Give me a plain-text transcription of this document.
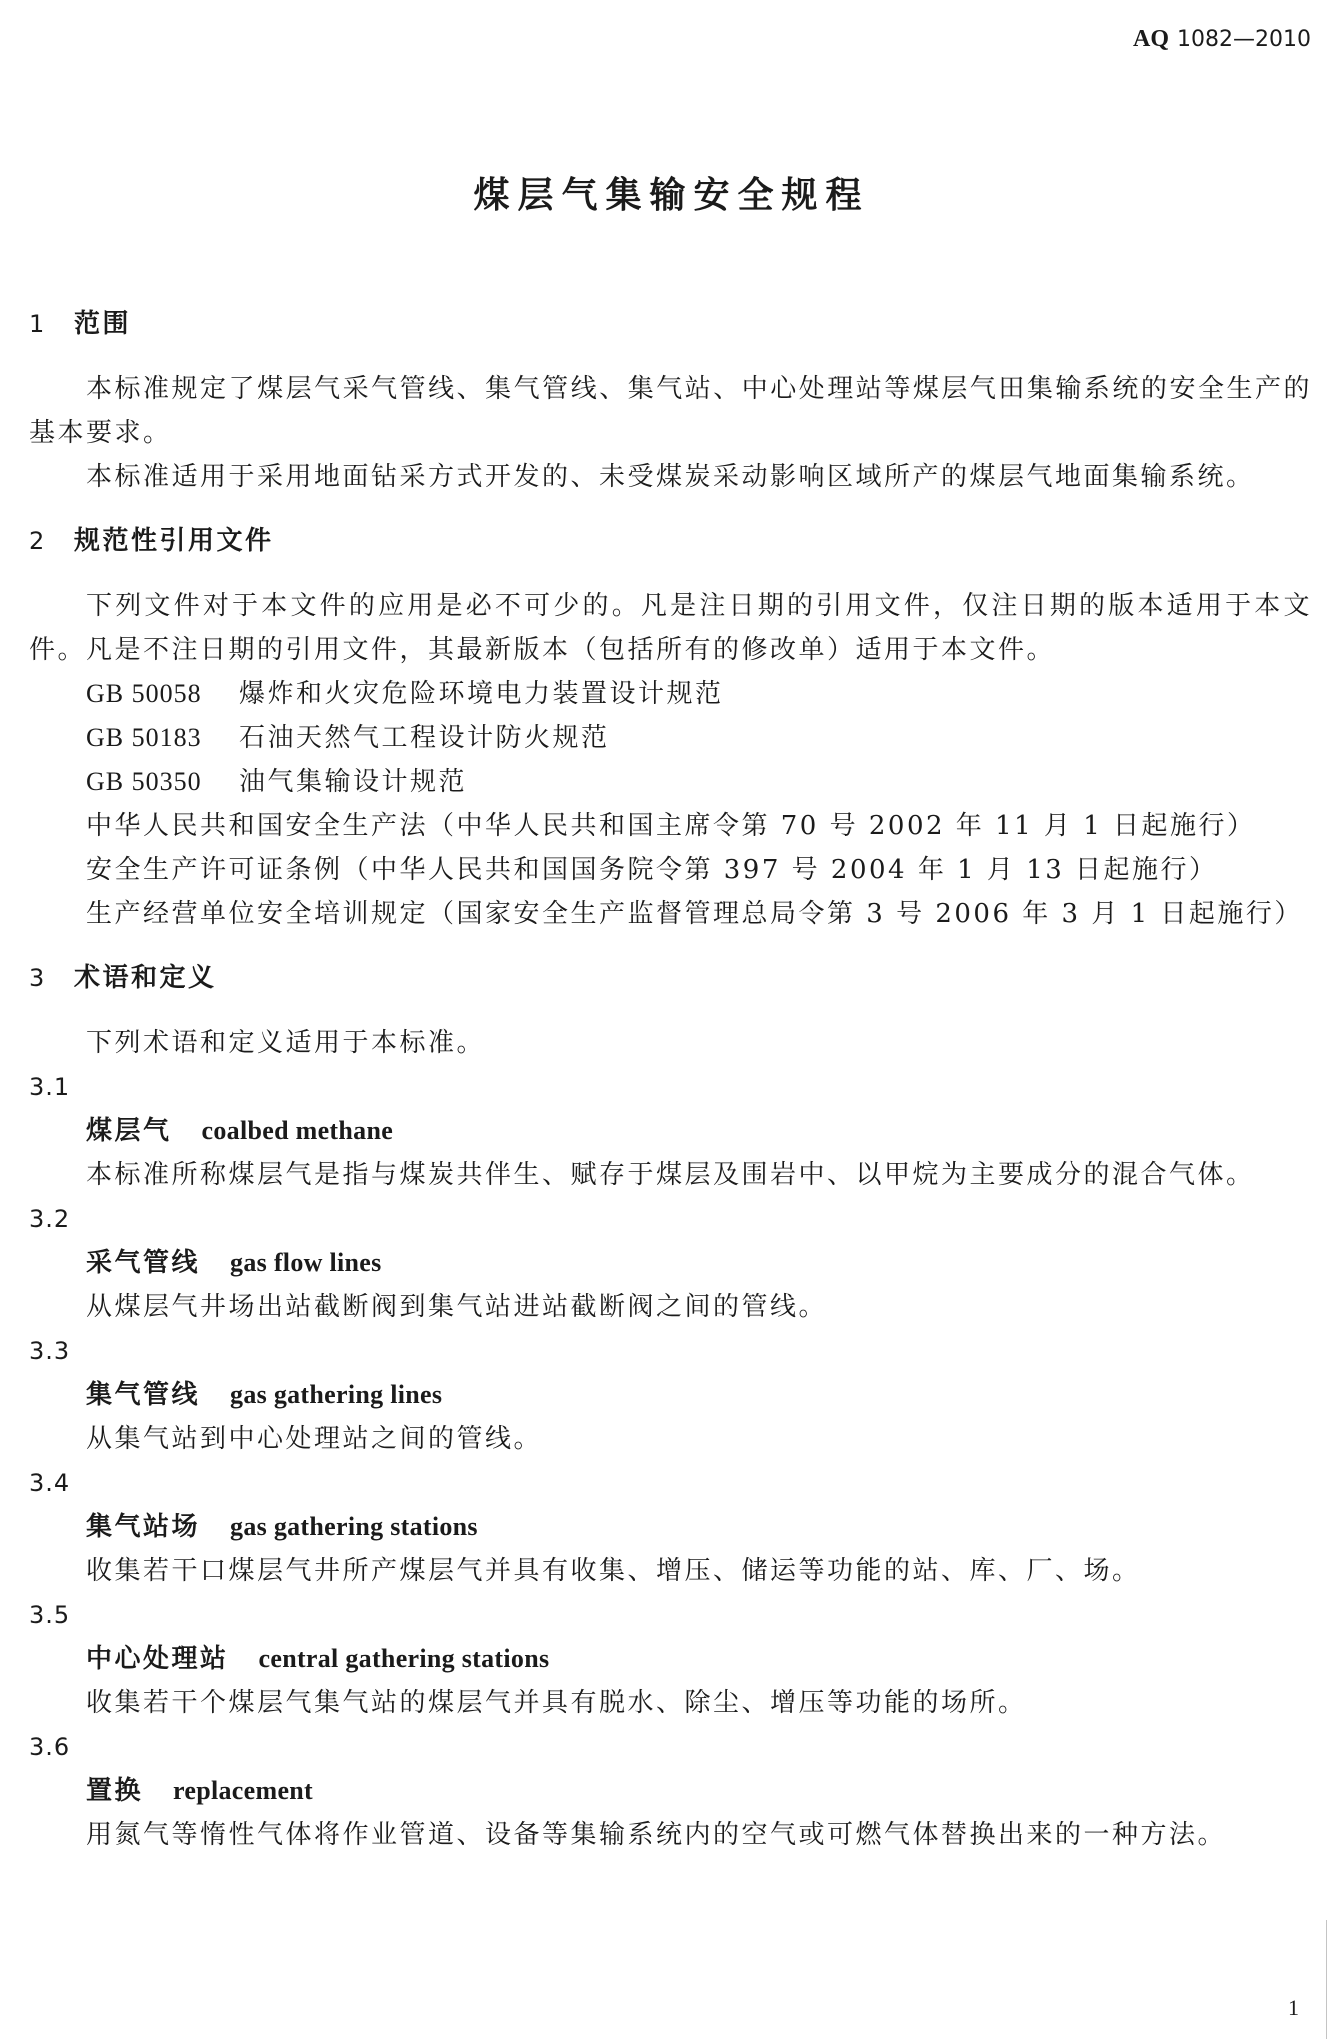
AQ 1082—2010
煤层气集输安全规程
1 范围
本标准规定了煤层气采气管线、集气管线、集气站、中心处理站等煤层气田集输系统的安全生产的
基本要求。
本标准适用于采用地面钻采方式开发的、未受煤炭采动影响区域所产的煤层气地面集输系统。
2 规范性引用文件
下列文件对于本文件的应用是必不可少的。凡是注日期的引用文件，仅注日期的版本适用于本文
件。凡是不注日期的引用文件，其最新版本（包括所有的修改单）适用于本文件。
GB 50058 爆炸和火灾危险环境电力装置设计规范
GB 50183 石油天然气工程设计防火规范
GB 50350 油气集输设计规范
中华人民共和国安全生产法（中华人民共和国主席令第 70 号 2002 年 11 月 1 日起施行）
安全生产许可证条例（中华人民共和国国务院令第 397 号 2004 年 1 月 13 日起施行）
生产经营单位安全培训规定（国家安全生产监督管理总局令第 3 号 2006 年 3 月 1 日起施行）
3 术语和定义
下列术语和定义适用于本标准。
3.1
煤层气 coalbed methane
本标准所称煤层气是指与煤炭共伴生、赋存于煤层及围岩中、以甲烷为主要成分的混合气体。
3.2
采气管线 gas flow lines
从煤层气井场出站截断阀到集气站进站截断阀之间的管线。
3.3
集气管线 gas gathering lines
从集气站到中心处理站之间的管线。
3.4
集气站场 gas gathering stations
收集若干口煤层气井所产煤层气并具有收集、增压、储运等功能的站、库、厂、场。
3.5
中心处理站 central gathering stations
收集若干个煤层气集气站的煤层气并具有脱水、除尘、增压等功能的场所。
3.6
置换 replacement
用氮气等惰性气体将作业管道、设备等集输系统内的空气或可燃气体替换出来的一种方法。
1
